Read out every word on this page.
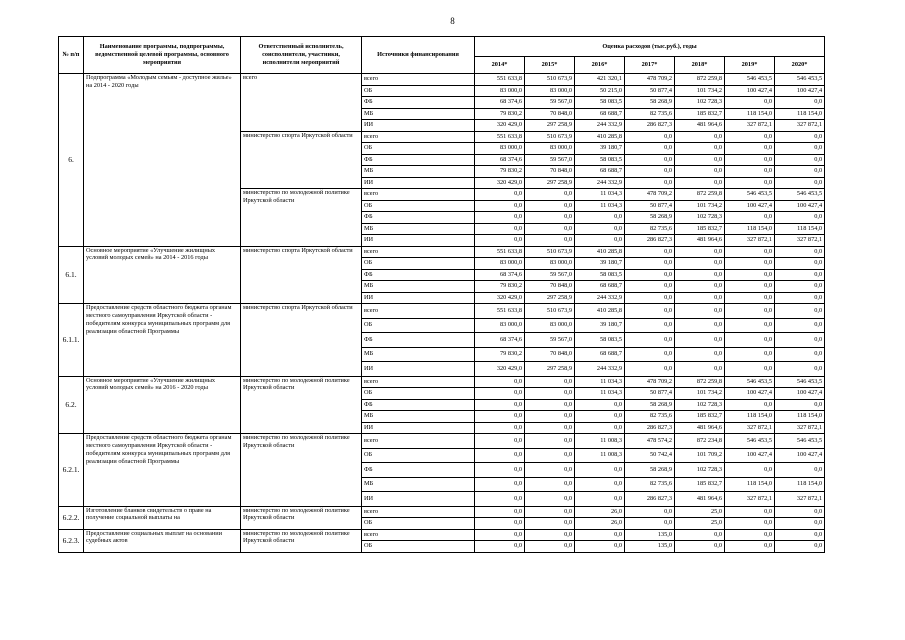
8
№ п/п	Наименование программы, подпрограммы, ведомственной целевой программы, основного мероприятия	Ответственный исполнитель, соисполнители, участники, исполнители мероприятий	Источники финансирования	Оценка расходов (тыс.руб.), годы						
				2014*	2015*	2016*	2017*	2018*	2019*	2020*
6.	Подпрограмма «Молодым семьям - доступное жилье» на 2014 - 2020 годы	всего	всего	551 633,8	510 673,9	421 320,1	478 709,2	872 259,8	546 453,5	546 453,5
			ОБ	83 000,0	83 000,0	50 215,0	50 877,4	101 734,2	100 427,4	100 427,4
			ФБ	68 374,6	59 567,0	58 083,5	58 268,9	102 728,3	0,0	0,0
			МБ	79 830,2	70 848,0	68 688,7	82 735,6	185 832,7	118 154,0	118 154,0
			ИИ	320 429,0	297 258,9	244 332,9	286 827,3	481 964,6	327 872,1	327 872,1
		министерство спорта Иркутской области	всего	551 633,8	510 673,9	410 285,8	0,0	0,0	0,0	0,0
			ОБ	83 000,0	83 000,0	39 180,7	0,0	0,0	0,0	0,0
			ФБ	68 374,6	59 567,0	58 083,5	0,0	0,0	0,0	0,0
			МБ	79 830,2	70 848,0	68 688,7	0,0	0,0	0,0	0,0
			ИИ	320 429,0	297 258,9	244 332,9	0,0	0,0	0,0	0,0
		министерство по молодежной политике Иркутской области	всего	0,0	0,0	11 034,3	478 709,2	872 259,8	546 453,5	546 453,5
			ОБ	0,0	0,0	11 034,3	50 877,4	101 734,2	100 427,4	100 427,4
			ФБ	0,0	0,0	0,0	58 268,9	102 728,3	0,0	0,0
			МБ	0,0	0,0	0,0	82 735,6	185 832,7	118 154,0	118 154,0
			ИИ	0,0	0,0	0,0	286 827,3	481 964,6	327 872,1	327 872,1
6.1.	Основное мероприятие «Улучшение жилищных условий молодых семей» на 2014 - 2016 годы	министерство спорта Иркутской области	всего	551 633,8	510 673,9	410 285,8	0,0	0,0	0,0	0,0
			ОБ	83 000,0	83 000,0	39 180,7	0,0	0,0	0,0	0,0
			ФБ	68 374,6	59 567,0	58 083,5	0,0	0,0	0,0	0,0
			МБ	79 830,2	70 848,0	68 688,7	0,0	0,0	0,0	0,0
			ИИ	320 429,0	297 258,9	244 332,9	0,0	0,0	0,0	0,0
6.1.1.	Предоставление средств областного бюджета органам местного самоуправления Иркутской области - победителям конкурса муниципальных программ для реализации областной Программы	министерство спорта Иркутской области	всего	551 633,8	510 673,9	410 285,8	0,0	0,0	0,0	0,0
			ОБ	83 000,0	83 000,0	39 180,7	0,0	0,0	0,0	0,0
			ФБ	68 374,6	59 567,0	58 083,5	0,0	0,0	0,0	0,0
			МБ	79 830,2	70 848,0	68 688,7	0,0	0,0	0,0	0,0
			ИИ	320 429,0	297 258,9	244 332,9	0,0	0,0	0,0	0,0
6.2.	Основное мероприятие «Улучшение жилищных условий молодых семей» на 2016 - 2020 годы	министерство по молодежной политике Иркутской области	всего	0,0	0,0	11 034,3	478 709,2	872 259,8	546 453,5	546 453,5
			ОБ	0,0	0,0	11 034,3	50 877,4	101 734,2	100 427,4	100 427,4
			ФБ	0,0	0,0	0,0	58 268,9	102 728,3	0,0	0,0
			МБ	0,0	0,0	0,0	82 735,6	185 832,7	118 154,0	118 154,0
			ИИ	0,0	0,0	0,0	286 827,3	481 964,6	327 872,1	327 872,1
6.2.1.	Предоставление средств областного бюджета органам местного самоуправления Иркутской области - победителям конкурса муниципальных программ для реализации областной Программы	министерство по молодежной политике Иркутской области	всего	0,0	0,0	11 008,3	478 574,2	872 234,8	546 453,5	546 453,5
			ОБ	0,0	0,0	11 008,3	50 742,4	101 709,2	100 427,4	100 427,4
			ФБ	0,0	0,0	0,0	58 268,9	102 728,3	0,0	0,0
			МБ	0,0	0,0	0,0	82 735,6	185 832,7	118 154,0	118 154,0
			ИИ	0,0	0,0	0,0	286 827,3	481 964,6	327 872,1	327 872,1
6.2.2.	Изготовление бланков свидетельств о праве на получение социальной выплаты на	министерство по молодежной политике Иркутской области	всего	0,0	0,0	26,0	0,0	25,0	0,0	0,0
			ОБ	0,0	0,0	26,0	0,0	25,0	0,0	0,0
6.2.3.	Предоставление социальных выплат на основании судебных актов	министерство по молодежной политике Иркутской области	всего	0,0	0,0	0,0	135,0	0,0	0,0	0,0
			ОБ	0,0	0,0	0,0	135,0	0,0	0,0	0,0
